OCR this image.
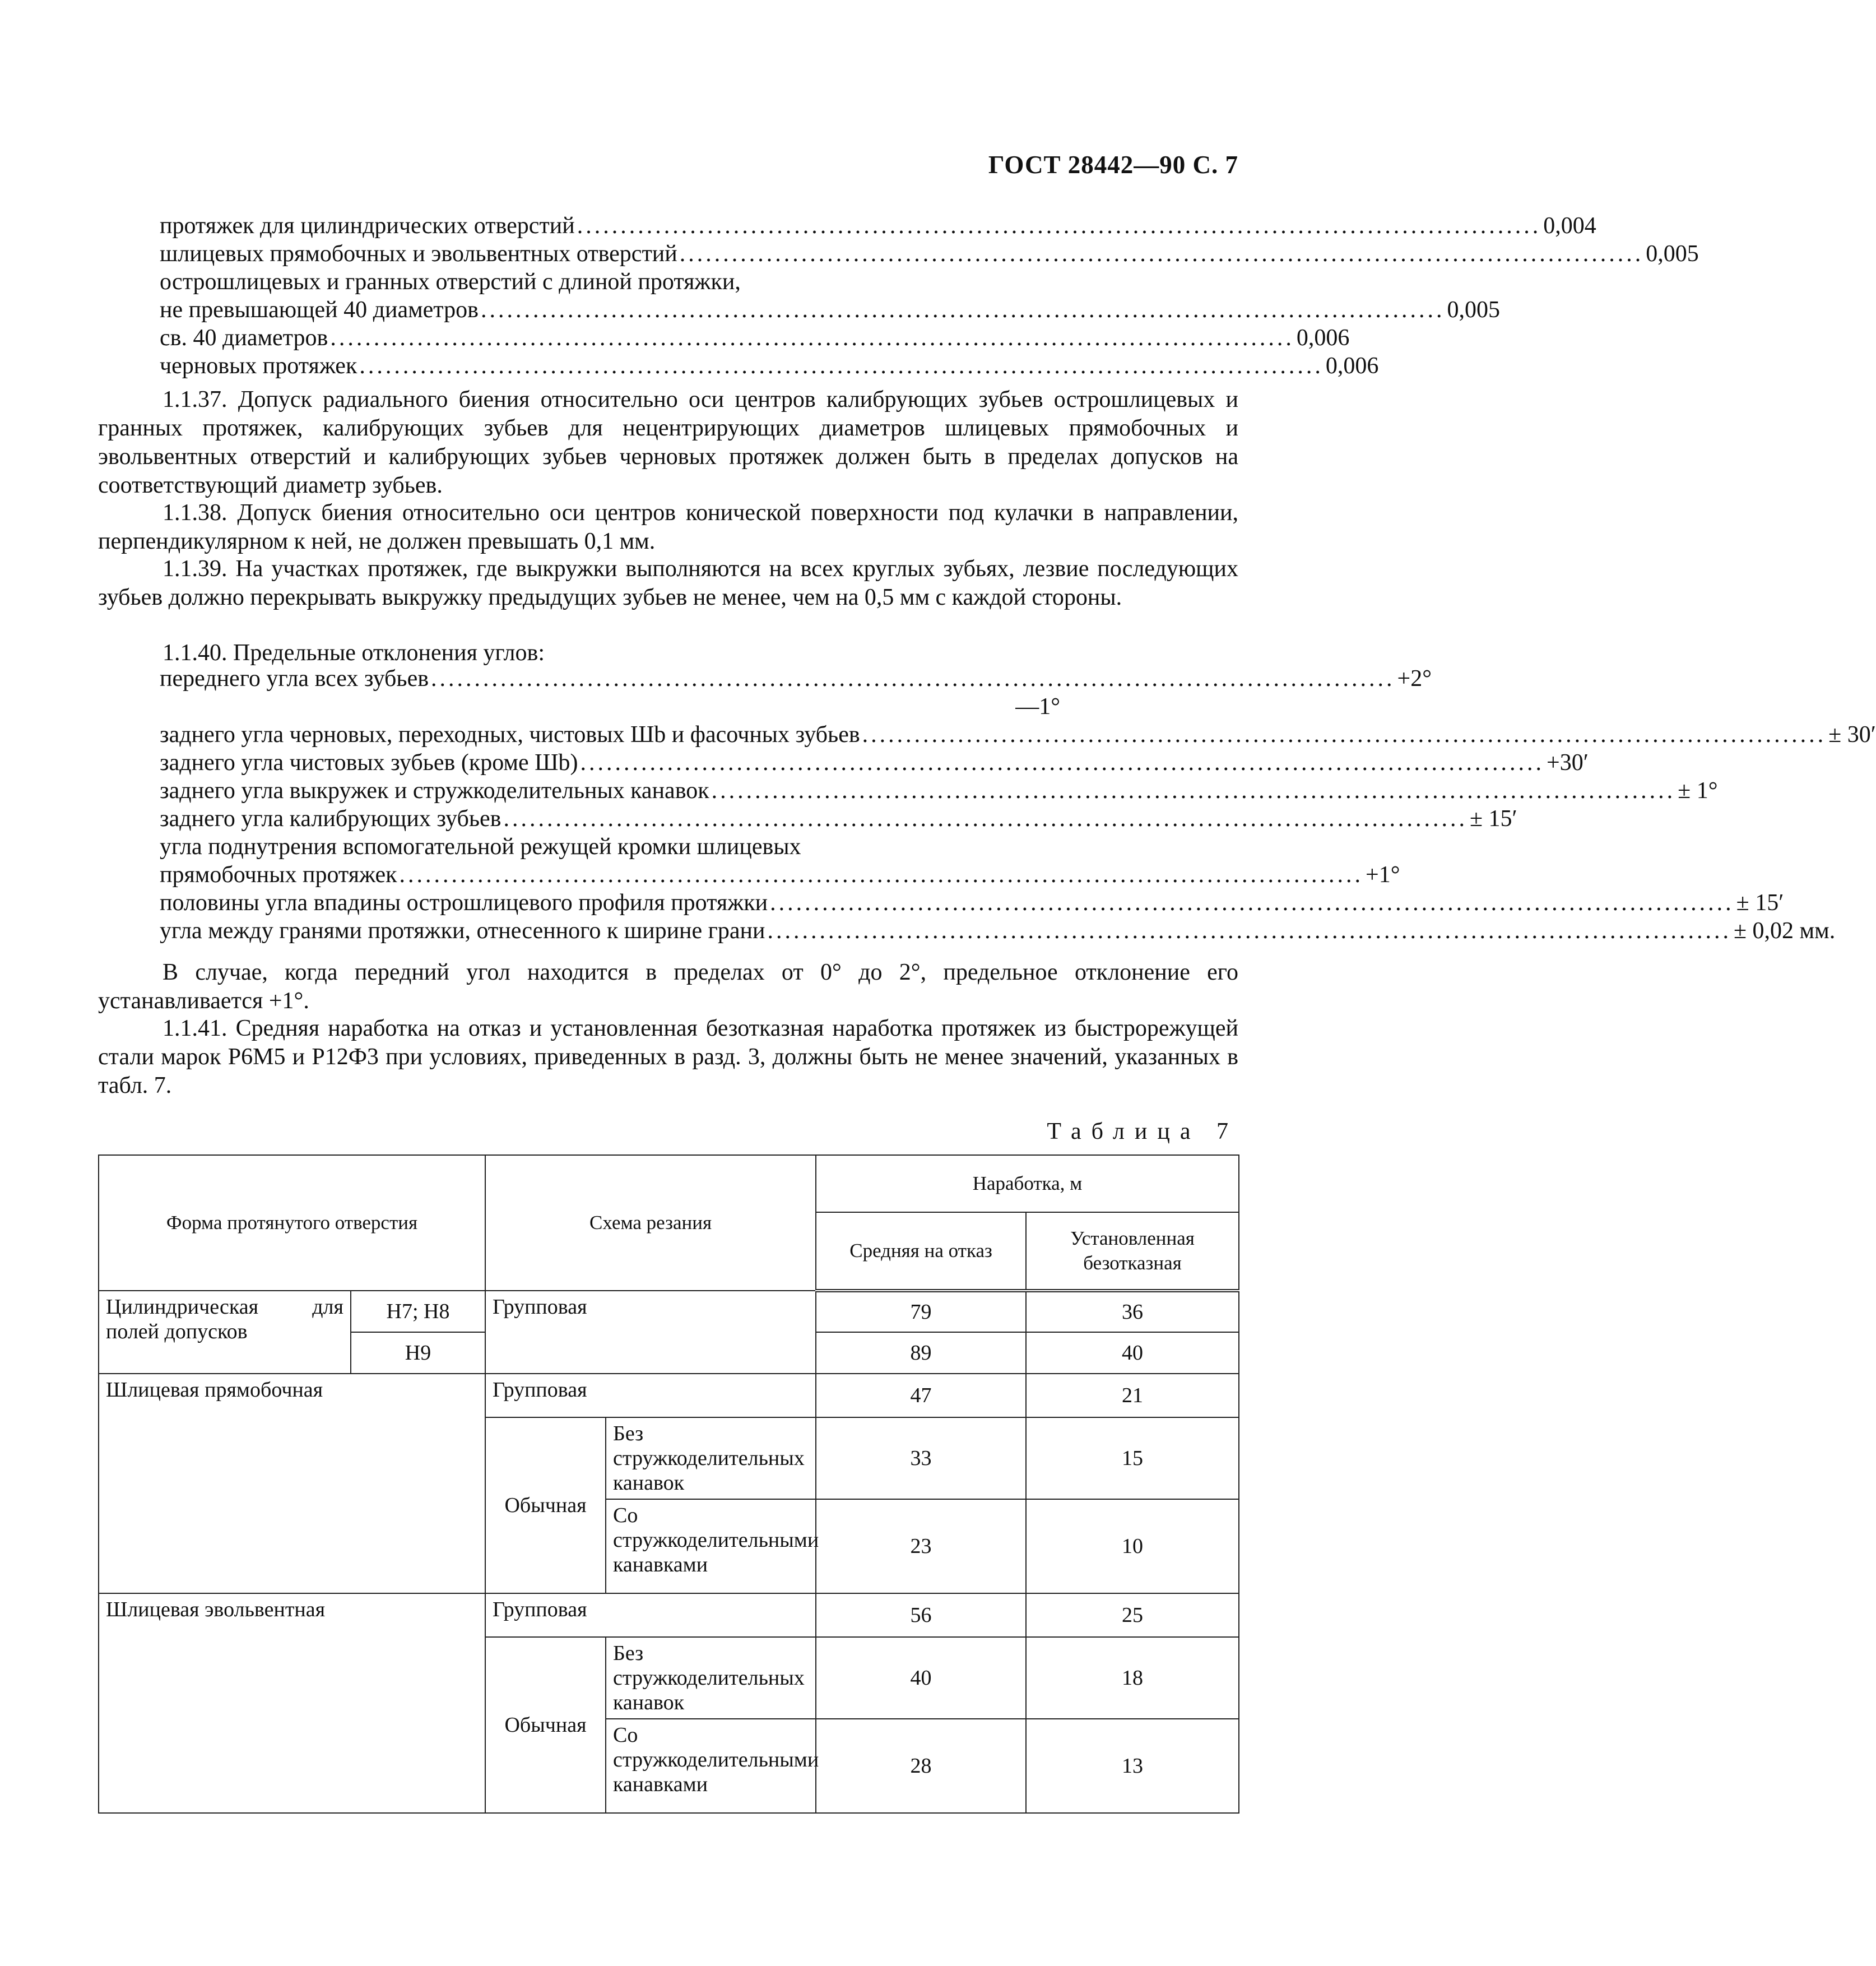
ГОСТ 28442—90 С. 7
протяжек для цилиндрических отверстий ............................................................................................................... 0,004
шлицевых прямобочных и эвольвентных отверстий ............................................................................................................... 0,005
острошлицевых и гранных отверстий с длиной протяжки,
не превышающей 40 диаметров ............................................................................................................... 0,005
св. 40 диаметров ............................................................................................................... 0,006
черновых протяжек ............................................................................................................... 0,006
1.1.37. Допуск радиального биения относительно оси центров калибрующих зубьев острошлицевых и гранных протяжек, калибрующих зубьев для нецентрирующих диаметров шлицевых прямобочных и эвольвентных отверстий и калибрующих зубьев черновых протяжек должен быть в пределах допусков на соответствующий диаметр зубьев.
1.1.38. Допуск биения относительно оси центров конической поверхности под кулачки в направлении, перпендикулярном к ней, не должен превышать 0,1 мм.
1.1.39. На участках протяжек, где выкружки выполняются на всех круглых зубьях, лезвие последующих зубьев должно перекрывать выкружку предыдущих зубьев не менее, чем на 0,5 мм с каждой стороны.
1.1.40. Предельные отклонения углов:
переднего угла всех зубьев ............................................................................................................... +2°
—1°
заднего угла черновых, переходных, чистовых Шb и фасочных зубьев ............................................................................................................... ± 30′
заднего угла чистовых зубьев (кроме Шb) ............................................................................................................... +30′
заднего угла выкружек и стружкоделительных канавок ............................................................................................................... ± 1°
заднего угла калибрующих зубьев ............................................................................................................... ± 15′
угла поднутрения вспомогательной режущей кромки шлицевых
прямобочных протяжек ............................................................................................................... +1°
половины угла впадины острошлицевого профиля протяжки ............................................................................................................... ± 15′
угла между гранями протяжки, отнесенного к ширине грани ............................................................................................................... ± 0,02 мм.
В случае, когда передний угол находится в пределах от 0° до 2°, предельное отклонение его устанавливается +1°.
1.1.41. Средняя наработка на отказ и установленная безотказная наработка протяжек из быстрорежущей стали марок Р6М5 и Р12Ф3 при условиях, приведенных в разд. 3, должны быть не менее значений, указанных в табл. 7.
Таблица 7
Форма протянутого отверстия		Схема резания		Наработка, м	
				Средняя на отказ	Установленная безотказная
Цилиндрическая для полей допусков	Н7; Н8	Групповая		79	36
	Н9			89	40
Шлицевая прямобочная		Групповая		47	21
		Обычная	Без стружкоделительных канавок	33	15
			Со стружкоделительными канавками	23	10
Шлицевая эвольвентная		Групповая		56	25
		Обычная	Без стружкоделительных канавок	40	18
			Со стружкоделительными канавками	28	13
